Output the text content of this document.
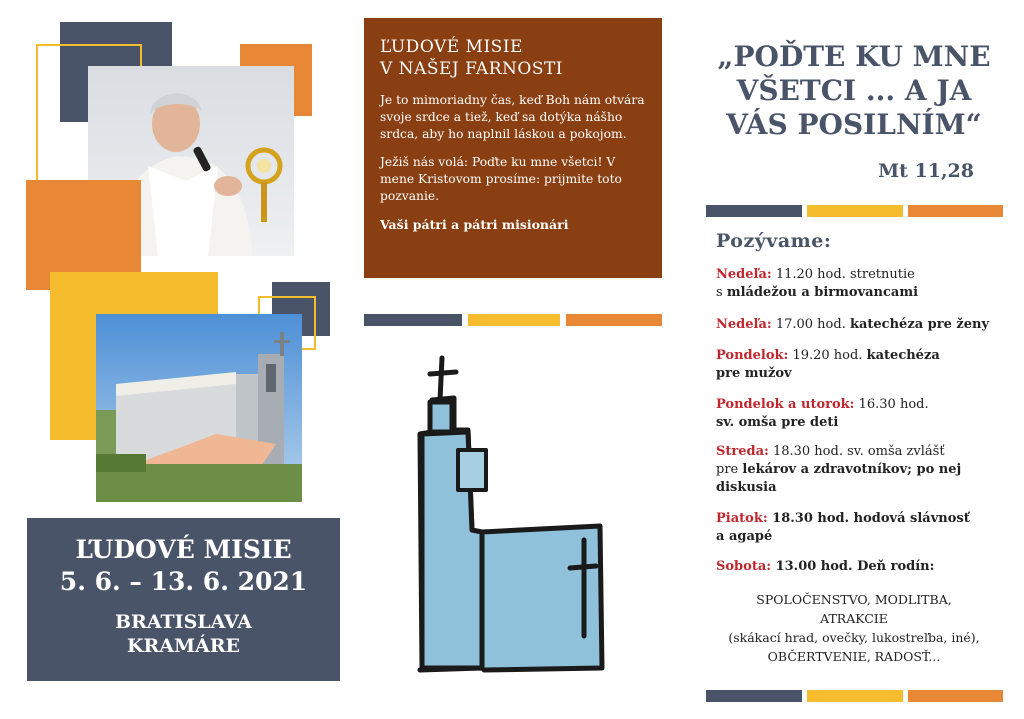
ĽUDOVÉ MISIE
5. 6. – 13. 6. 2021
BRATISLAVA
KRAMÁRE
ĽUDOVÉ MISIE
V NAŠEJ FARNOSTI

Je to mimoriadny čas, keď Boh nám otvára svoje srdce a tiež, keď sa dotýka nášho srdca, aby ho naplnil láskou a pokojom.

Ježiš nás volá: Poďte ku mne všetci! V mene Kristovom prosíme: prijmite toto pozvanie.

Vaši pátri a pátri misionári

„POĎTE KU MNE
VŠETCI ... A JA
VÁS POSILNÍM“
Mt 11,28
Pozývame:
Nedeľa: 11.20 hod. stretnutie
s mládežou a birmovancami
Nedeľa: 17.00 hod. katechéza pre ženy
Pondelok: 19.20 hod. katechéza
pre mužov
Pondelok a utorok: 16.30 hod.
sv. omša pre deti
Streda: 18.30 hod. sv. omša zvlášť
pre lekárov a zdravotníkov; po nej
diskusia
Piatok: 18.30 hod. hodová slávnosť
a agapé
Sobota: 13.00 hod. Deň rodín:
SPOLOČENSTVO, MODLITBA,
ATRAKCIE
(skákací hrad, ovečky, lukostreľba, iné),
OBČERTVENIE, RADOSŤ...
